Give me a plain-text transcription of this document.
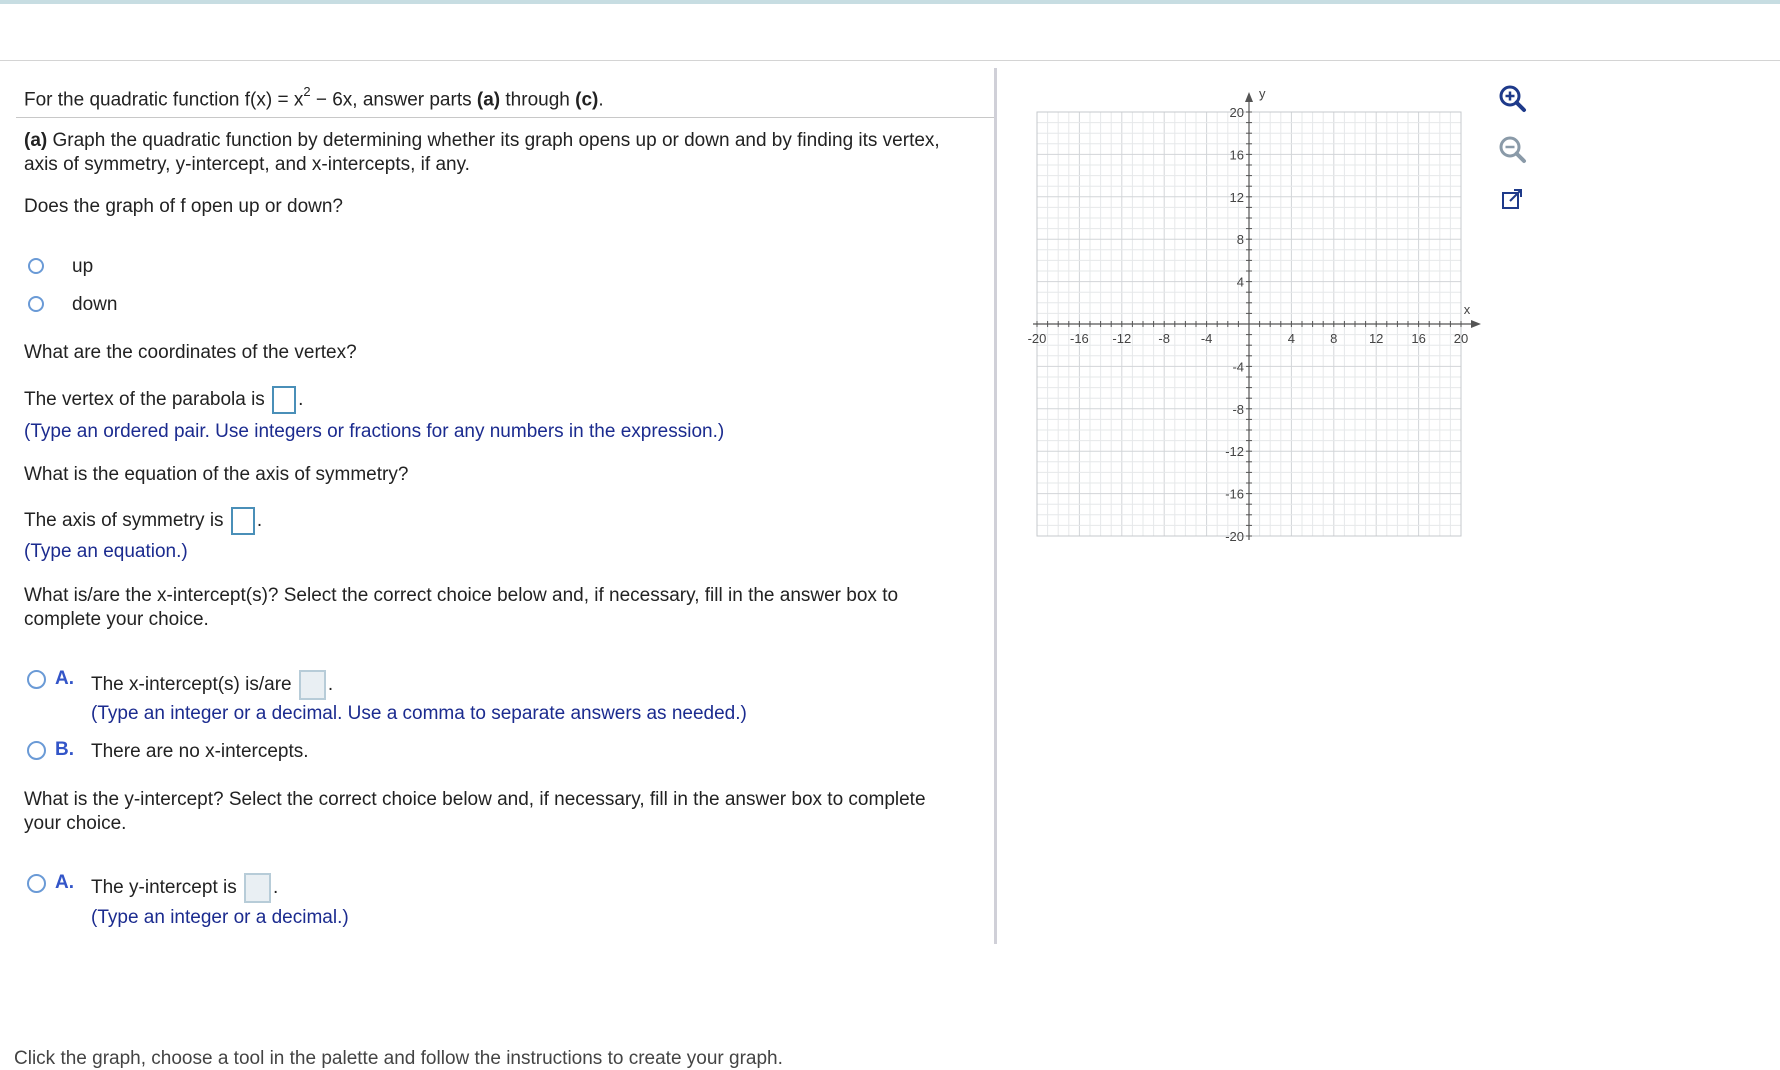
For the quadratic function $f(x) = x^2 - 6x$, answer parts (a) through (c).
(a) Graph the quadratic function by determining whether its graph opens up or down and by finding its vertex,
axis of symmetry, y-intercept, and x-intercepts, if any.
Does the graph of f open up or down?
up
down
What are the coordinates of the vertex?
The vertex of the parabola is .
(Type an ordered pair. Use integers or fractions for any numbers in the expression.)
What is the equation of the axis of symmetry?
The axis of symmetry is .
(Type an equation.)
What is/are the x-intercept(s)? Select the correct choice below and, if necessary, fill in the answer box to
complete your choice.
A. The x-intercept(s) is/are .
(Type an integer or a decimal. Use a comma to separate answers as needed.)
B. There are no x-intercepts.
What is the y-intercept? Select the correct choice below and, if necessary, fill in the answer box to complete
your choice.
A. The y-intercept is .
(Type an integer or a decimal.)
Click the graph, choose a tool in the palette and follow the instructions to create your graph.
-20 -16 -12 -8 -4	4	8 12 16 20
20
16
12
8
4
-4
-8
-12
-16
-20
x
y
